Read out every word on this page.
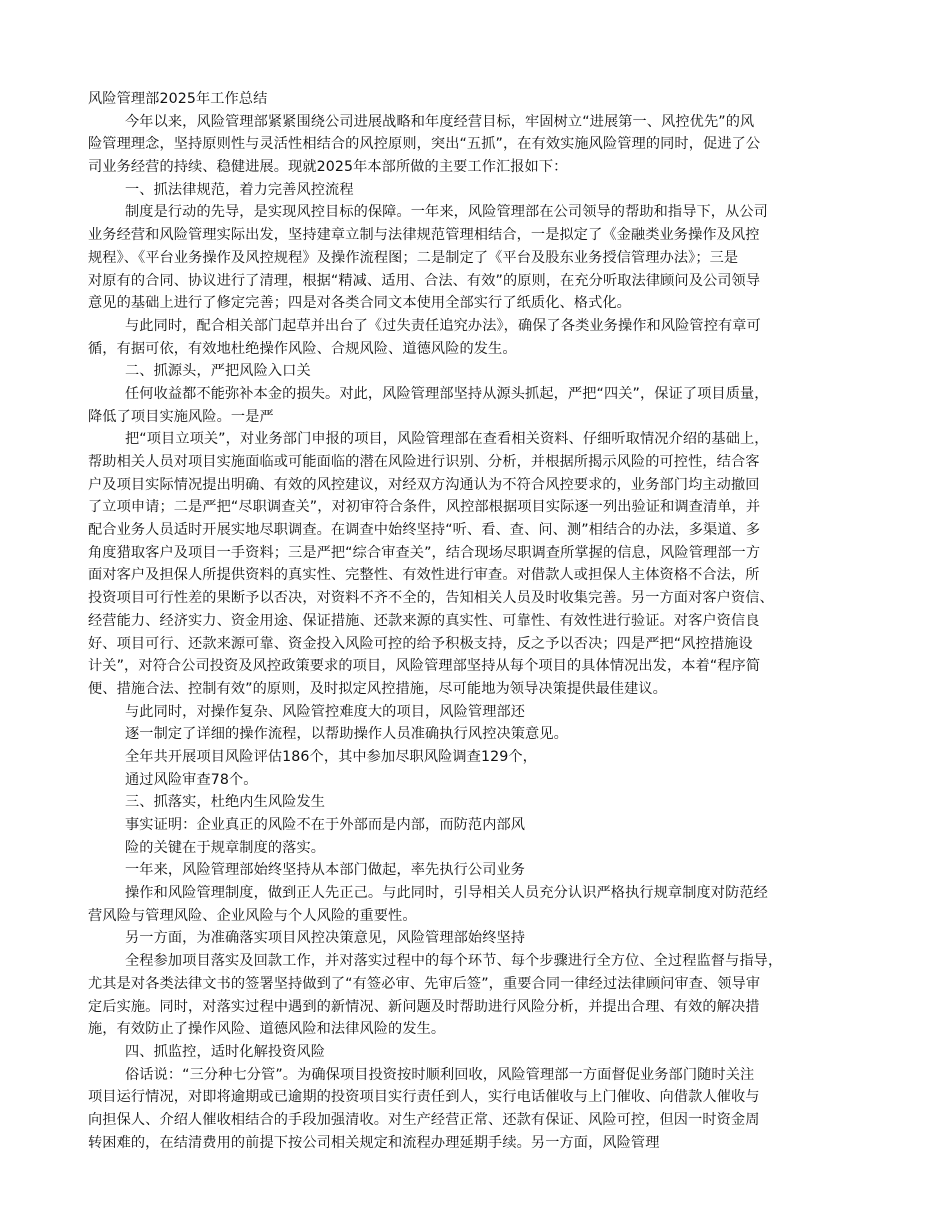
风险管理部2025年工作总结
今年以来，风险管理部紧紧围绕公司进展战略和年度经营目标，牢固树立“进展第一、风控优先”的风
险管理理念，坚持原则性与灵活性相结合的风控原则，突出“五抓”，在有效实施风险管理的同时，促进了公
司业务经营的持续、稳健进展。现就2025年本部所做的主要工作汇报如下：
一、抓法律规范，着力完善风控流程
制度是行动的先导，是实现风控目标的保障。一年来，风险管理部在公司领导的帮助和指导下，从公司
业务经营和风险管理实际出发，坚持建章立制与法律规范管理相结合，一是拟定了《金融类业务操作及风控
规程》、《平台业务操作及风控规程》及操作流程图；二是制定了《平台及股东业务授信管理办法》；三是
对原有的合同、协议进行了清理，根据“精减、适用、合法、有效”的原则，在充分听取法律顾问及公司领导
意见的基础上进行了修定完善；四是对各类合同文本使用全部实行了纸质化、格式化。
与此同时，配合相关部门起草并出台了《过失责任追究办法》，确保了各类业务操作和风险管控有章可
循，有据可依，有效地杜绝操作风险、合规风险、道德风险的发生。
二、抓源头，严把风险入口关
任何收益都不能弥补本金的损失。对此，风险管理部坚持从源头抓起，严把“四关”，保证了项目质量，
降低了项目实施风险。一是严
把“项目立项关”，对业务部门申报的项目，风险管理部在查看相关资料、仔细听取情况介绍的基础上，
帮助相关人员对项目实施面临或可能面临的潜在风险进行识别、分析，并根据所揭示风险的可控性，结合客
户及项目实际情况提出明确、有效的风控建议，对经双方沟通认为不符合风控要求的，业务部门均主动撤回
了立项申请；二是严把“尽职调查关”，对初审符合条件，风控部根据项目实际逐一列出验证和调查清单，并
配合业务人员适时开展实地尽职调查。在调查中始终坚持“听、看、查、问、测”相结合的办法，多渠道、多
角度猎取客户及项目一手资料；三是严把“综合审查关”，结合现场尽职调查所掌握的信息，风险管理部一方
面对客户及担保人所提供资料的真实性、完整性、有效性进行审查。对借款人或担保人主体资格不合法，所
投资项目可行性差的果断予以否决，对资料不齐不全的，告知相关人员及时收集完善。另一方面对客户资信、
经营能力、经济实力、资金用途、保证措施、还款来源的真实性、可靠性、有效性进行验证。对客户资信良
好、项目可行、还款来源可靠、资金投入风险可控的给予积极支持，反之予以否决；四是严把“风控措施设
计关”，对符合公司投资及风控政策要求的项目，风险管理部坚持从每个项目的具体情况出发，本着“程序简
便、措施合法、控制有效”的原则，及时拟定风控措施，尽可能地为领导决策提供最佳建议。
与此同时，对操作复杂、风险管控难度大的项目，风险管理部还
逐一制定了详细的操作流程，以帮助操作人员准确执行风控决策意见。
全年共开展项目风险评估186个，其中参加尽职风险调查129个，
通过风险审查78个。
三、抓落实，杜绝内生风险发生
事实证明：企业真正的风险不在于外部而是内部，而防范内部风
险的关键在于规章制度的落实。
一年来，风险管理部始终坚持从本部门做起，率先执行公司业务
操作和风险管理制度，做到正人先正己。与此同时，引导相关人员充分认识严格执行规章制度对防范经
营风险与管理风险、企业风险与个人风险的重要性。
另一方面，为准确落实项目风控决策意见，风险管理部始终坚持
全程参加项目落实及回款工作，并对落实过程中的每个环节、每个步骤进行全方位、全过程监督与指导，
尤其是对各类法律文书的签署坚持做到了“有签必审、先审后签”，重要合同一律经过法律顾问审查、领导审
定后实施。同时，对落实过程中遇到的新情况、新问题及时帮助进行风险分析，并提出合理、有效的解决措
施，有效防止了操作风险、道德风险和法律风险的发生。
四、抓监控，适时化解投资风险
俗话说：“三分种七分管”。为确保项目投资按时顺利回收，风险管理部一方面督促业务部门随时关注
项目运行情况，对即将逾期或已逾期的投资项目实行责任到人，实行电话催收与上门催收、向借款人催收与
向担保人、介绍人催收相结合的手段加强清收。对生产经营正常、还款有保证、风险可控，但因一时资金周
转困难的，在结清费用的前提下按公司相关规定和流程办理延期手续。另一方面，风险管理
